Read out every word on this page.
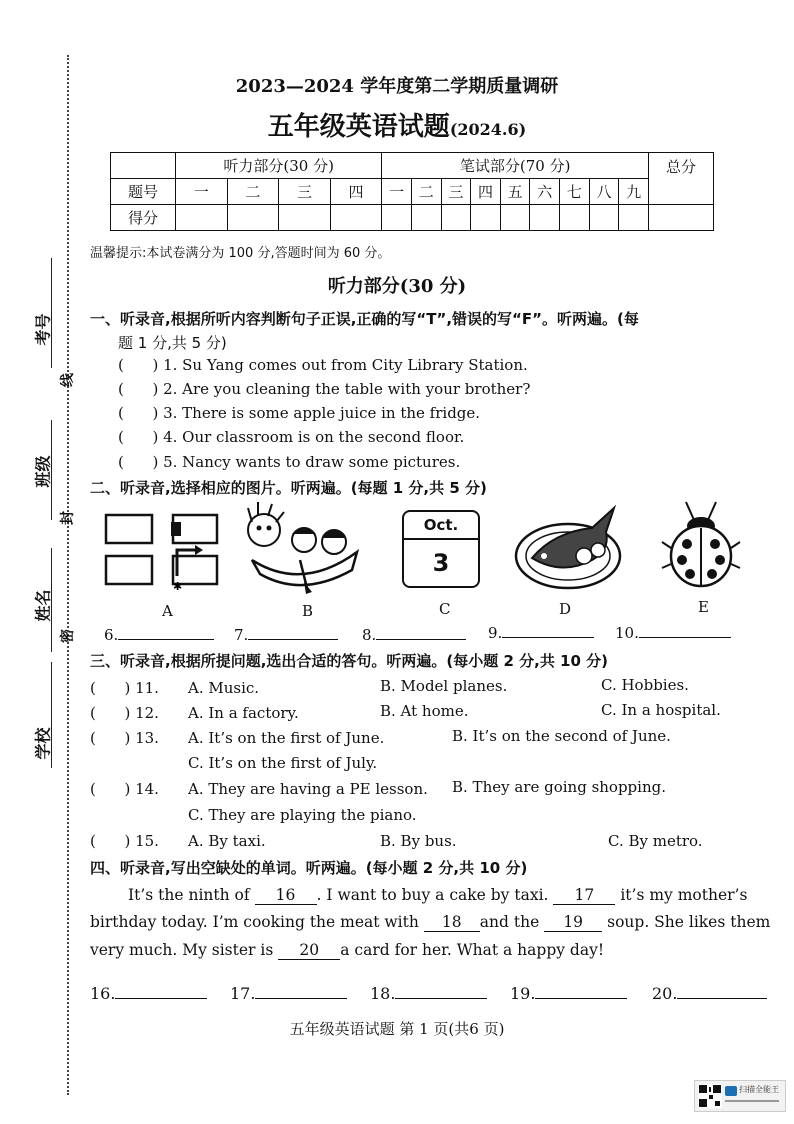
2023—2024 学年度第二学期质量调研
五年级英语试题(2024.6)
	听力部分(30 分)				笔试部分(70 分)									总分
题号	一	二	三	四	一	二	三	四	五	六	七	八	九	
得分														
温馨提示:本试卷满分为 100 分,答题时间为 60 分。
听力部分(30 分)
一、听录音,根据所听内容判断句子正误,正确的写“T”,错误的写“F”。听两遍。(每
题 1 分,共 5 分)
(      ) 1. Su Yang comes out from City Library Station.
(      ) 2. Are you cleaning the table with your brother?
(      ) 3. There is some apple juice in the fridge.
(      ) 4. Our classroom is on the second floor.
(      ) 5. Nancy wants to draw some pictures.
二、听录音,选择相应的图片。听两遍。(每题 1 分,共 5 分)
✱
Oct.
3
A	B	C	D	E
6.	7.	8.	9.	10.
三、听录音,根据所提问题,选出合适的答句。听两遍。(每小题 2 分,共 10 分)
(      ) 11. A. Music.	B. Model planes.	C. Hobbies.
(      ) 12. A. In a factory.	B. At home.	C. In a hospital.
(      ) 13. A. It’s on the first of June.	B. It’s on the second of June.
C. It’s on the first of July.
(      ) 14. A. They are having a PE lesson. B. They are going shopping.
C. They are playing the piano.
(      ) 15. A. By taxi.	B. By bus.	C. By metro.
四、听录音,写出空缺处的单词。听两遍。(每小题 2 分,共 10 分)
It’s the ninth of 16 . I want to buy a cake by taxi. 17 it’s my mother’s
birthday today. I’m cooking the meat with 18 and the 19 soup. She likes them
very much. My sister is 20 a card for her. What a happy day!
16.	17.	18.	19.	20.
五年级英语试题 第 1 页(共6 页)
扫描全能王
考号
线
班级
封
姓名
密
学校
